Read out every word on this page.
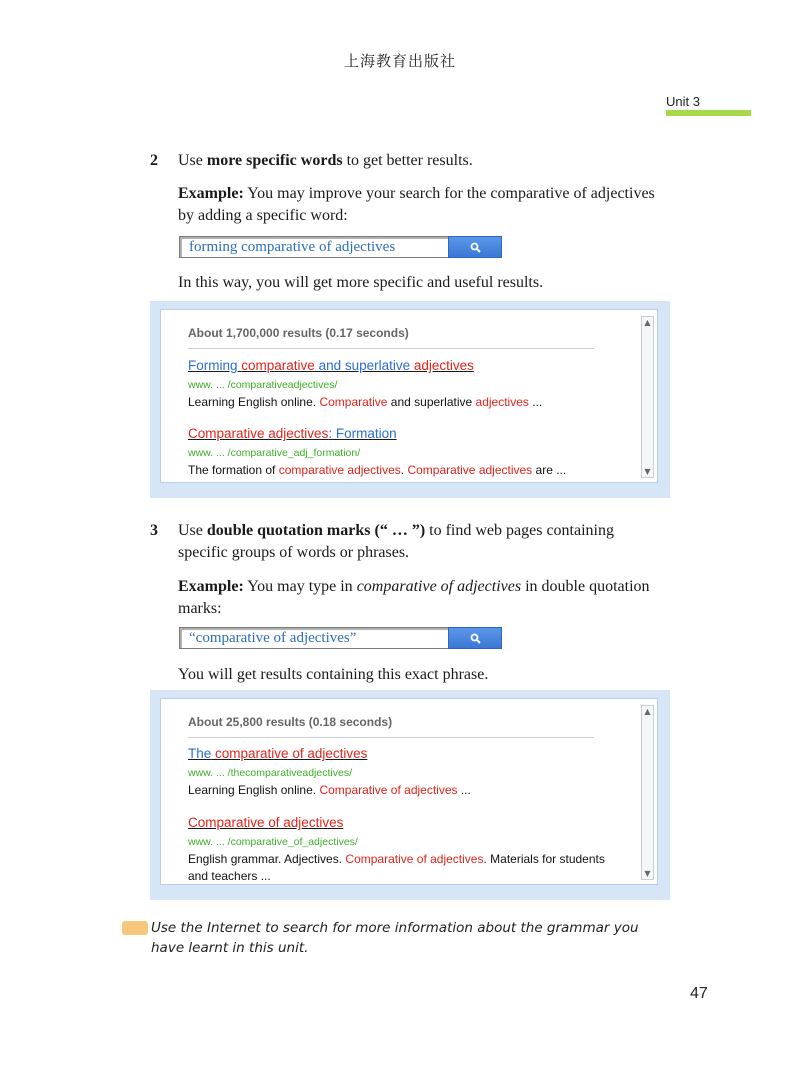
上海教育出版社
Unit 3
2 Use more specific words to get better results.
Example: You may improve your search for the comparative of adjectives by adding a specific word:
forming comparative of adjectives
In this way, you will get more specific and useful results.
About 1,700,000 results (0.17 seconds)
Forming comparative and superlative adjectives
www. ... /comparativeadjectives/
Learning English online. Comparative and superlative adjectives ...
Comparative adjectives: Formation
www. ... /comparative_adj_formation/
The formation of comparative adjectives. Comparative adjectives are ...
▲
▼
3 Use double quotation marks (“ … ”) to find web pages containing specific groups of words or phrases.
Example: You may type in comparative of adjectives in double quotation marks:
“comparative of adjectives”
You will get results containing this exact phrase.
About 25,800 results (0.18 seconds)
The comparative of adjectives
www. ... /thecomparativeadjectives/
Learning English online. Comparative of adjectives ...
Comparative of adjectives
www. ... /comparative_of_adjectives/
English grammar. Adjectives. Comparative of adjectives. Materials for students and teachers ...
▲
▼
Use the Internet to search for more information about the grammar you have learnt in this unit.
47
